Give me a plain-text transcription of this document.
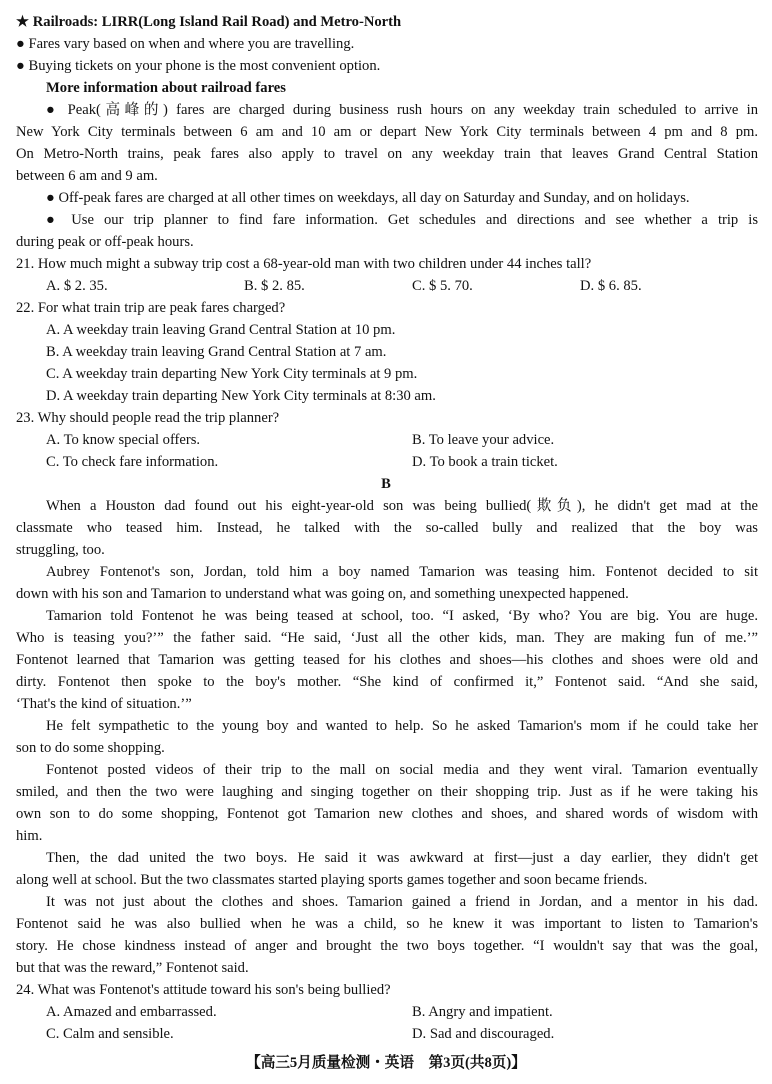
★ Railroads: LIRR(Long Island Rail Road) and Metro-North
● Fares vary based on when and where you are travelling.
● Buying tickets on your phone is the most convenient option.
More information about railroad fares
● Peak(高峰的) fares are charged during business rush hours on any weekday train scheduled to arrive in
New York City terminals between 6 am and 10 am or depart New York City terminals between 4 pm and 8 pm.
On Metro-North trains, peak fares also apply to travel on any weekday train that leaves Grand Central Station
between 6 am and 9 am.
● Off-peak fares are charged at all other times on weekdays, all day on Saturday and Sunday, and on holidays.
● Use our trip planner to find fare information. Get schedules and directions and see whether a trip is
during peak or off-peak hours.
21. How much might a subway trip cost a 68-year-old man with two children under 44 inches tall?
A. $ 2. 35.	B. $ 2. 85.	C. $ 5. 70.	D. $ 6. 85.
22. For what train trip are peak fares charged?
A. A weekday train leaving Grand Central Station at 10 pm.
B. A weekday train leaving Grand Central Station at 7 am.
C. A weekday train departing New York City terminals at 9 pm.
D. A weekday train departing New York City terminals at 8:30 am.
23. Why should people read the trip planner?
A. To know special offers.	B. To leave your advice.
C. To check fare information.	D. To book a train ticket.
B
When a Houston dad found out his eight-year-old son was being bullied(欺负), he didn't get mad at the
classmate who teased him. Instead, he talked with the so-called bully and realized that the boy was
struggling, too.
Aubrey Fontenot's son, Jordan, told him a boy named Tamarion was teasing him. Fontenot decided to sit
down with his son and Tamarion to understand what was going on, and something unexpected happened.
Tamarion told Fontenot he was being teased at school, too. “I asked, ‘By who? You are big. You are huge.
Who is teasing you?’” the father said. “He said, ‘Just all the other kids, man. They are making fun of me.’”
Fontenot learned that Tamarion was getting teased for his clothes and shoes—his clothes and shoes were old and
dirty. Fontenot then spoke to the boy's mother. “She kind of confirmed it,” Fontenot said. “And she said,
‘That's the kind of situation.’”
He felt sympathetic to the young boy and wanted to help. So he asked Tamarion's mom if he could take her
son to do some shopping.
Fontenot posted videos of their trip to the mall on social media and they went viral. Tamarion eventually
smiled, and then the two were laughing and singing together on their shopping trip. Just as if he were taking his
own son to do some shopping, Fontenot got Tamarion new clothes and shoes, and shared words of wisdom with
him.
Then, the dad united the two boys. He said it was awkward at first—just a day earlier, they didn't get
along well at school. But the two classmates started playing sports games together and soon became friends.
It was not just about the clothes and shoes. Tamarion gained a friend in Jordan, and a mentor in his dad.
Fontenot said he was also bullied when he was a child, so he knew it was important to listen to Tamarion's
story. He chose kindness instead of anger and brought the two boys together. “I wouldn't say that was the goal,
but that was the reward,” Fontenot said.
24. What was Fontenot's attitude toward his son's being bullied?
A. Amazed and embarrassed.	B. Angry and impatient.
C. Calm and sensible.	D. Sad and discouraged.
【高三5月质量检测・英语　第3页(共8页)】
